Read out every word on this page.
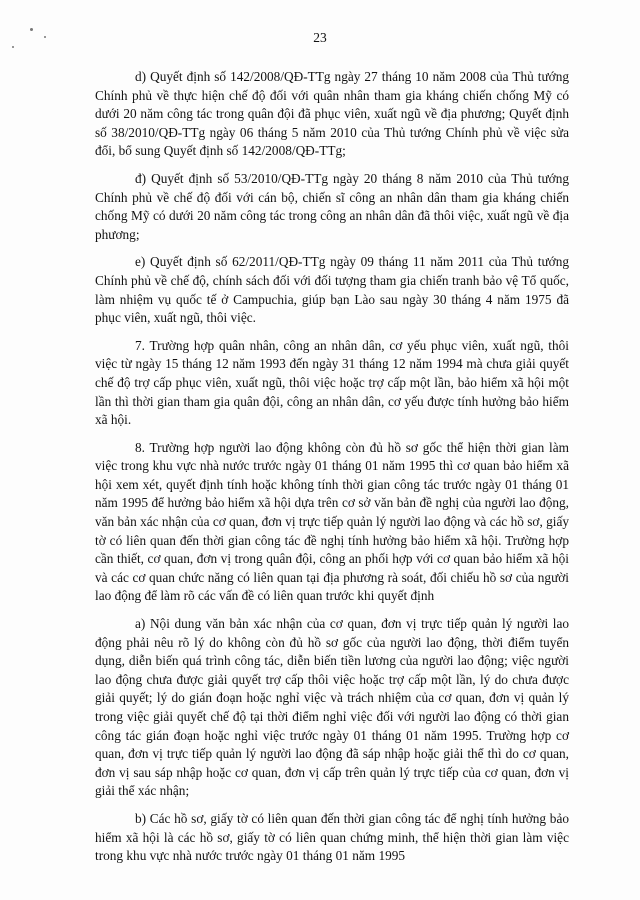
23

d) Quyết định số 142/2008/QĐ-TTg ngày 27 tháng 10 năm 2008 của Thủ tướng Chính phủ về thực hiện chế độ đối với quân nhân tham gia kháng chiến chống Mỹ có dưới 20 năm công tác trong quân đội đã phục viên, xuất ngũ về địa phương; Quyết định số 38/2010/QĐ-TTg ngày 06 tháng 5 năm 2010 của Thủ tướng Chính phủ về việc sửa đổi, bổ sung Quyết định số 142/2008/QĐ-TTg;

đ) Quyết định số 53/2010/QĐ-TTg ngày 20 tháng 8 năm 2010 của Thủ tướng Chính phủ về chế độ đối với cán bộ, chiến sĩ công an nhân dân tham gia kháng chiến chống Mỹ có dưới 20 năm công tác trong công an nhân dân đã thôi việc, xuất ngũ về địa phương;

e) Quyết định số 62/2011/QĐ-TTg ngày 09 tháng 11 năm 2011 của Thủ tướng Chính phủ về chế độ, chính sách đối với đối tượng tham gia chiến tranh bảo vệ Tổ quốc, làm nhiệm vụ quốc tế ở Campuchia, giúp bạn Lào sau ngày 30 tháng 4 năm 1975 đã phục viên, xuất ngũ, thôi việc.

7. Trường hợp quân nhân, công an nhân dân, cơ yếu phục viên, xuất ngũ, thôi việc từ ngày 15 tháng 12 năm 1993 đến ngày 31 tháng 12 năm 1994 mà chưa giải quyết chế độ trợ cấp phục viên, xuất ngũ, thôi việc hoặc trợ cấp một lần, bảo hiểm xã hội một lần thì thời gian tham gia quân đội, công an nhân dân, cơ yếu được tính hưởng bảo hiểm xã hội.

8. Trường hợp người lao động không còn đủ hồ sơ gốc thể hiện thời gian làm việc trong khu vực nhà nước trước ngày 01 tháng 01 năm 1995 thì cơ quan bảo hiểm xã hội xem xét, quyết định tính hoặc không tính thời gian công tác trước ngày 01 tháng 01 năm 1995 để hưởng bảo hiểm xã hội dựa trên cơ sở văn bản đề nghị của người lao động, văn bản xác nhận của cơ quan, đơn vị trực tiếp quản lý người lao động và các hồ sơ, giấy tờ có liên quan đến thời gian công tác đề nghị tính hưởng bảo hiểm xã hội. Trường hợp cần thiết, cơ quan, đơn vị trong quân đội, công an phối hợp với cơ quan bảo hiểm xã hội và các cơ quan chức năng có liên quan tại địa phương rà soát, đối chiếu hồ sơ của người lao động để làm rõ các vấn đề có liên quan trước khi quyết định

a) Nội dung văn bản xác nhận của cơ quan, đơn vị trực tiếp quản lý người lao động phải nêu rõ lý do không còn đủ hồ sơ gốc của người lao động, thời điểm tuyển dụng, diễn biến quá trình công tác, diễn biến tiền lương của người lao động; việc người lao động chưa được giải quyết trợ cấp thôi việc hoặc trợ cấp một lần, lý do chưa được giải quyết; lý do gián đoạn hoặc nghỉ việc và trách nhiệm của cơ quan, đơn vị quản lý trong việc giải quyết chế độ tại thời điểm nghỉ việc đối với người lao động có thời gian công tác gián đoạn hoặc nghỉ việc trước ngày 01 tháng 01 năm 1995. Trường hợp cơ quan, đơn vị trực tiếp quản lý người lao động đã sáp nhập hoặc giải thể thì do cơ quan, đơn vị sau sáp nhập hoặc cơ quan, đơn vị cấp trên quản lý trực tiếp của cơ quan, đơn vị giải thể xác nhận;

b) Các hồ sơ, giấy tờ có liên quan đến thời gian công tác để nghị tính hưởng bảo hiểm xã hội là các hồ sơ, giấy tờ có liên quan chứng minh, thể hiện thời gian làm việc trong khu vực nhà nước trước ngày 01 tháng 01 năm 1995
